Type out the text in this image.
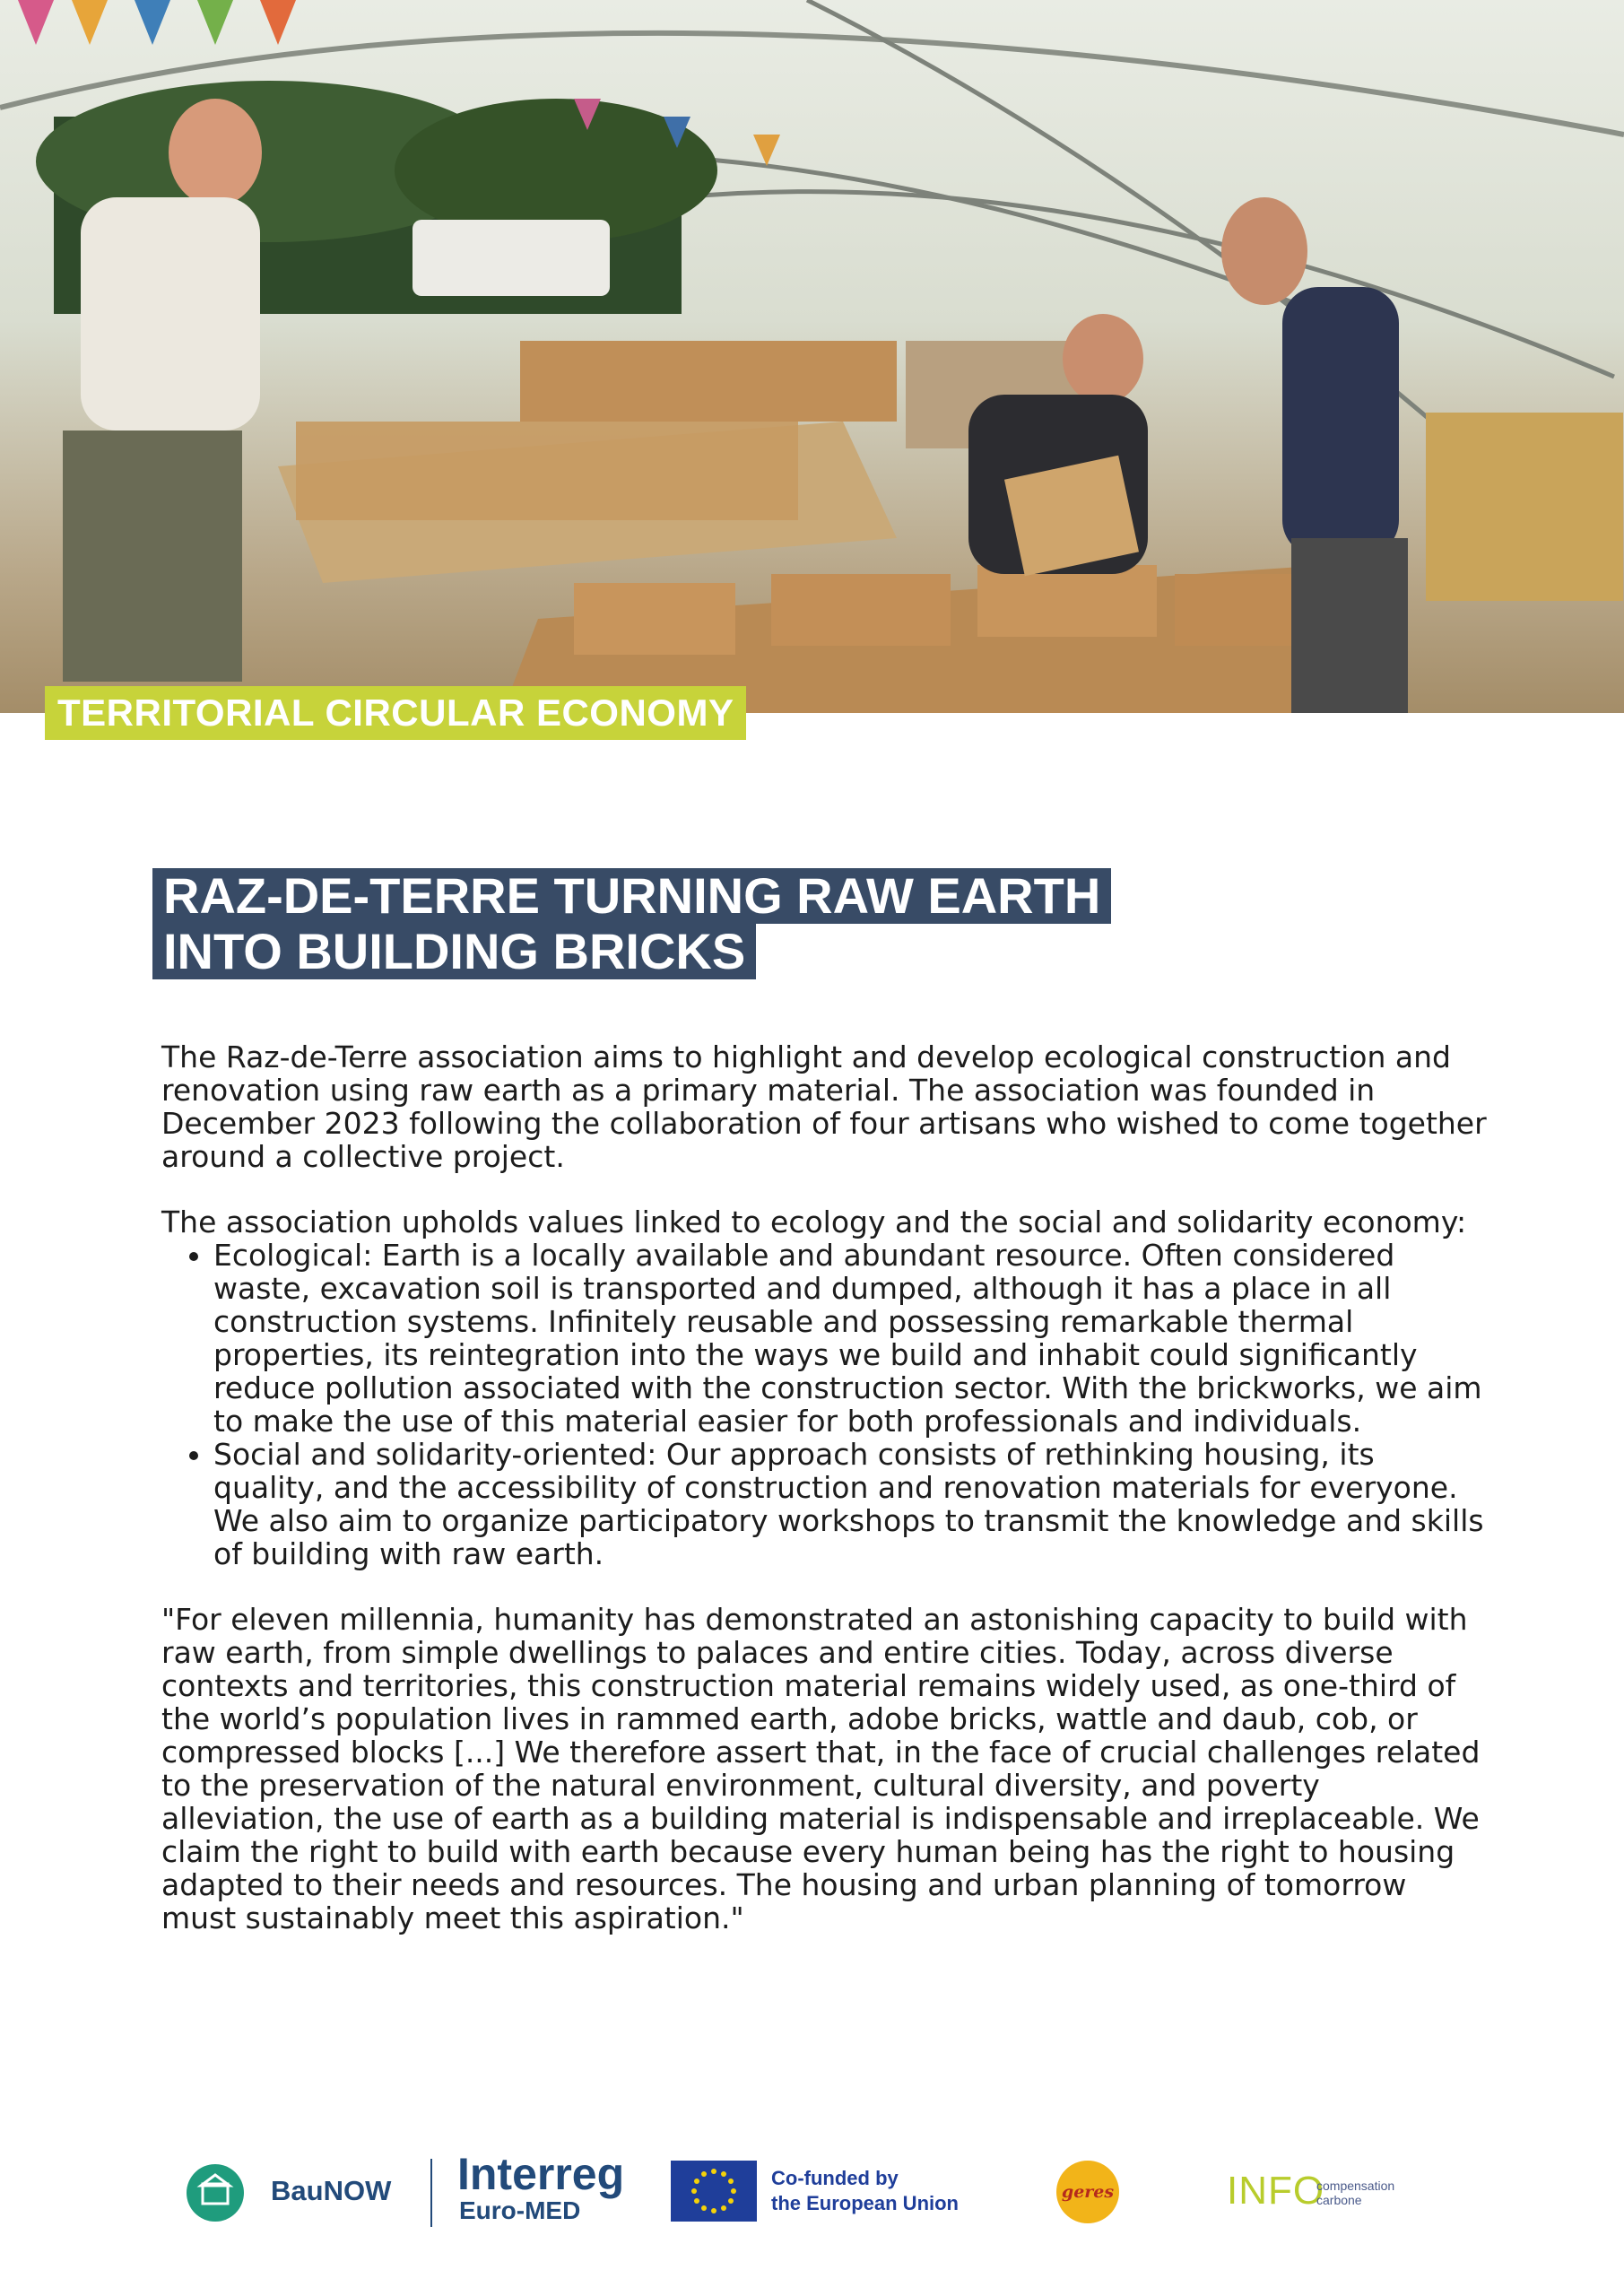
TERRITORIAL CIRCULAR ECONOMY
RAZ-DE-TERRE TURNING RAW EARTH
INTO BUILDING BRICKS

The Raz-de-Terre association aims to highlight and develop ecological construction and renovation using raw earth as a primary material. The association was founded in December 2023 following the collaboration of four artisans who wished to come together around a collective project.

The association upholds values linked to ecology and the social and solidarity economy:

• Ecological: Earth is a locally available and abundant resource. Often considered waste, excavation soil is transported and dumped, although it has a place in all construction systems. Infinitely reusable and possessing remarkable thermal properties, its reintegration into the ways we build and inhabit could significantly reduce pollution associated with the construction sector. With the brickworks, we aim to make the use of this material easier for both professionals and individuals.
• Social and solidarity-oriented: Our approach consists of rethinking housing, its quality, and the accessibility of construction and renovation materials for everyone. We also aim to organize participatory workshops to transmit the knowledge and skills of building with raw earth.

"For eleven millennia, humanity has demonstrated an astonishing capacity to build with raw earth, from simple dwellings to palaces and entire cities. Today, across diverse contexts and territories, this construction material remains widely used, as one-third of the world’s population lives in rammed earth, adobe bricks, wattle and daub, cob, or compressed blocks [...] We therefore assert that, in the face of crucial challenges related to the preservation of the natural environment, cultural diversity, and poverty alleviation, the use of earth as a building material is indispensable and irreplaceable. We claim the right to build with earth because every human being has the right to housing adapted to their needs and resources. The housing and urban planning of tomorrow must sustainably meet this aspiration."

BauNOW Interreg
Euro-MED
Co-funded by
the European Union	geres	INFO
compensation
carbone
